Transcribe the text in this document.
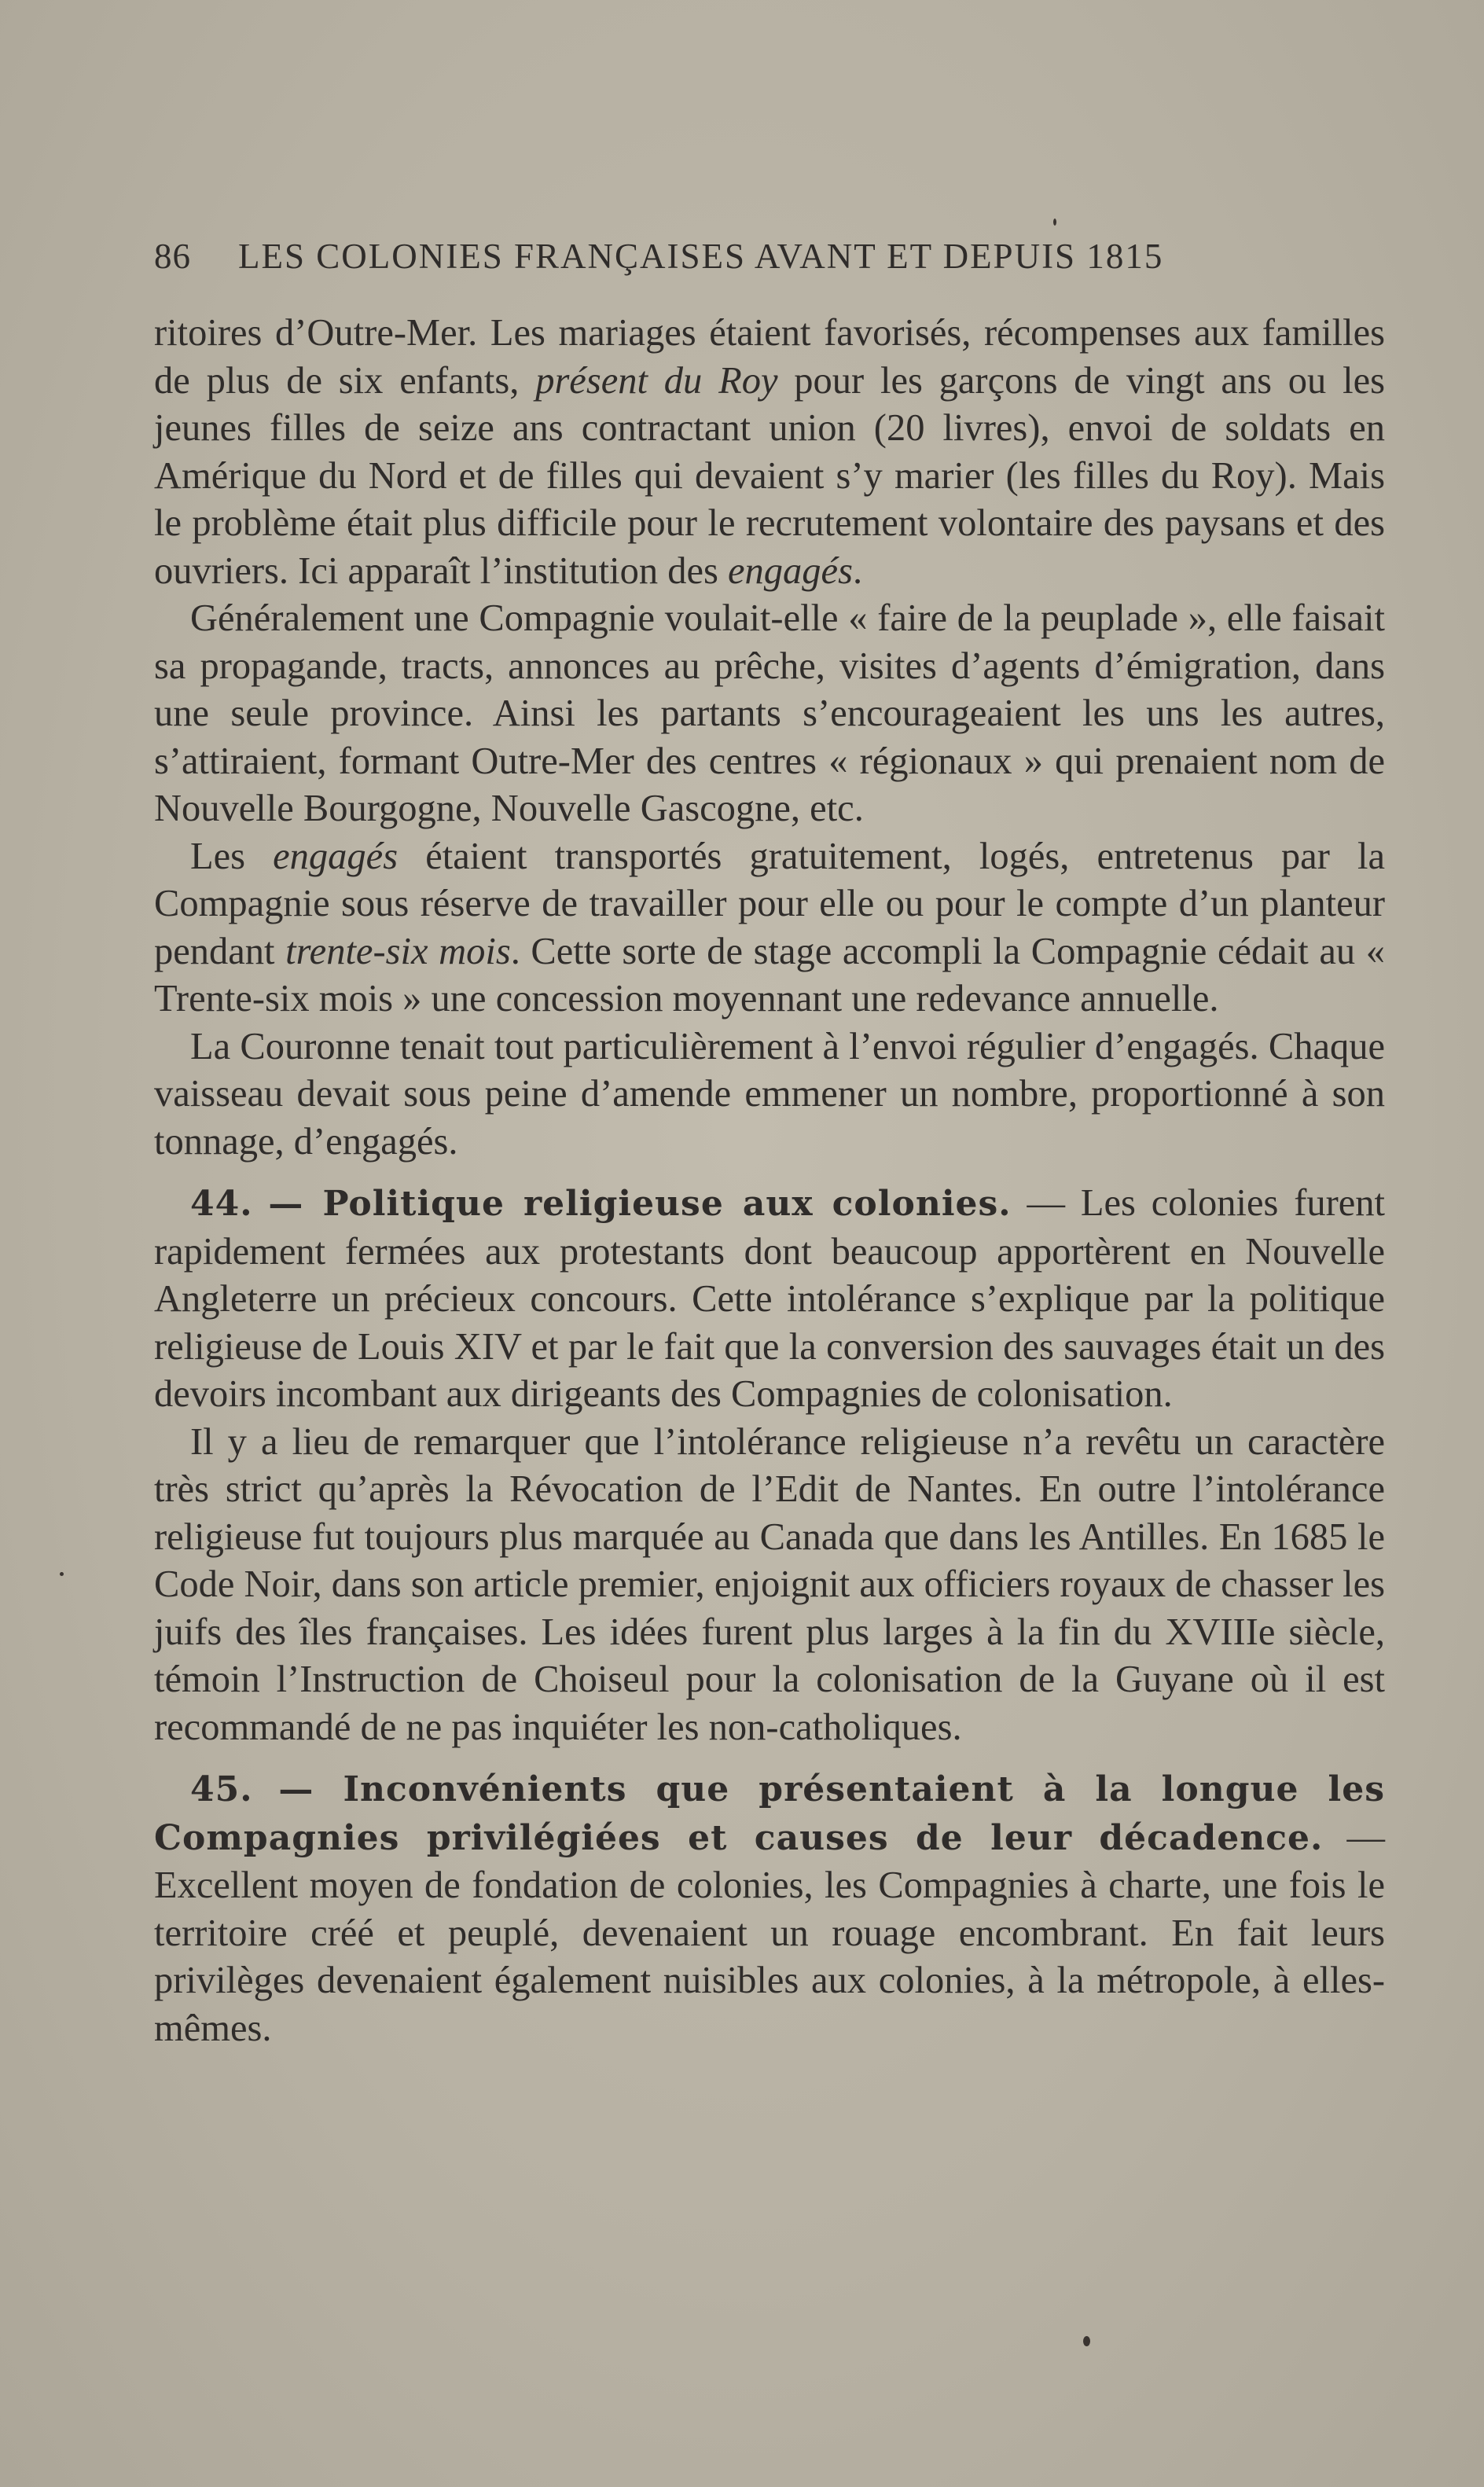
86 LES COLONIES FRANÇAISES AVANT ET DEPUIS 1815

ritoires d’Outre-Mer. Les mariages étaient favorisés, récompenses aux familles de plus de six enfants, présent du Roy pour les garçons de vingt ans ou les jeunes filles de seize ans contractant union (20 livres), envoi de soldats en Amérique du Nord et de filles qui devaient s’y marier (les filles du Roy). Mais le problème était plus difficile pour le recrutement volontaire des paysans et des ouvriers. Ici apparaît l’institution des engagés.

Généralement une Compagnie voulait-elle « faire de la peuplade », elle faisait sa propagande, tracts, annonces au prêche, visites d’agents d’émigration, dans une seule province. Ainsi les partants s’encourageaient les uns les autres, s’attiraient, formant Outre-Mer des centres « régionaux » qui prenaient nom de Nouvelle Bourgogne, Nouvelle Gascogne, etc.

Les engagés étaient transportés gratuitement, logés, entretenus par la Compagnie sous réserve de travailler pour elle ou pour le compte d’un planteur pendant trente-six mois. Cette sorte de stage accompli la Compagnie cédait au « Trente-six mois » une concession moyennant une redevance annuelle.

La Couronne tenait tout particulièrement à l’envoi régulier d’engagés. Chaque vaisseau devait sous peine d’amende emmener un nombre, proportionné à son tonnage, d’engagés.

44. — Politique religieuse aux colonies. — Les colonies furent rapidement fermées aux protestants dont beaucoup apportèrent en Nouvelle Angleterre un précieux concours. Cette intolérance s’explique par la politique religieuse de Louis XIV et par le fait que la conversion des sauvages était un des devoirs incombant aux dirigeants des Compagnies de colonisation.

Il y a lieu de remarquer que l’intolérance religieuse n’a revêtu un caractère très strict qu’après la Révocation de l’Edit de Nantes. En outre l’intolérance religieuse fut toujours plus marquée au Canada que dans les Antilles. En 1685 le Code Noir, dans son article premier, enjoignit aux officiers royaux de chasser les juifs des îles françaises. Les idées furent plus larges à la fin du XVIIIe siècle, témoin l’Instruction de Choiseul pour la colonisation de la Guyane où il est recommandé de ne pas inquiéter les non-catholiques.

45. — Inconvénients que présentaient à la longue les Compagnies privilégiées et causes de leur décadence. — Excellent moyen de fondation de colonies, les Compagnies à charte, une fois le territoire créé et peuplé, devenaient un rouage encombrant. En fait leurs privilèges devenaient également nuisibles aux colonies, à la métropole, à elles-mêmes.
